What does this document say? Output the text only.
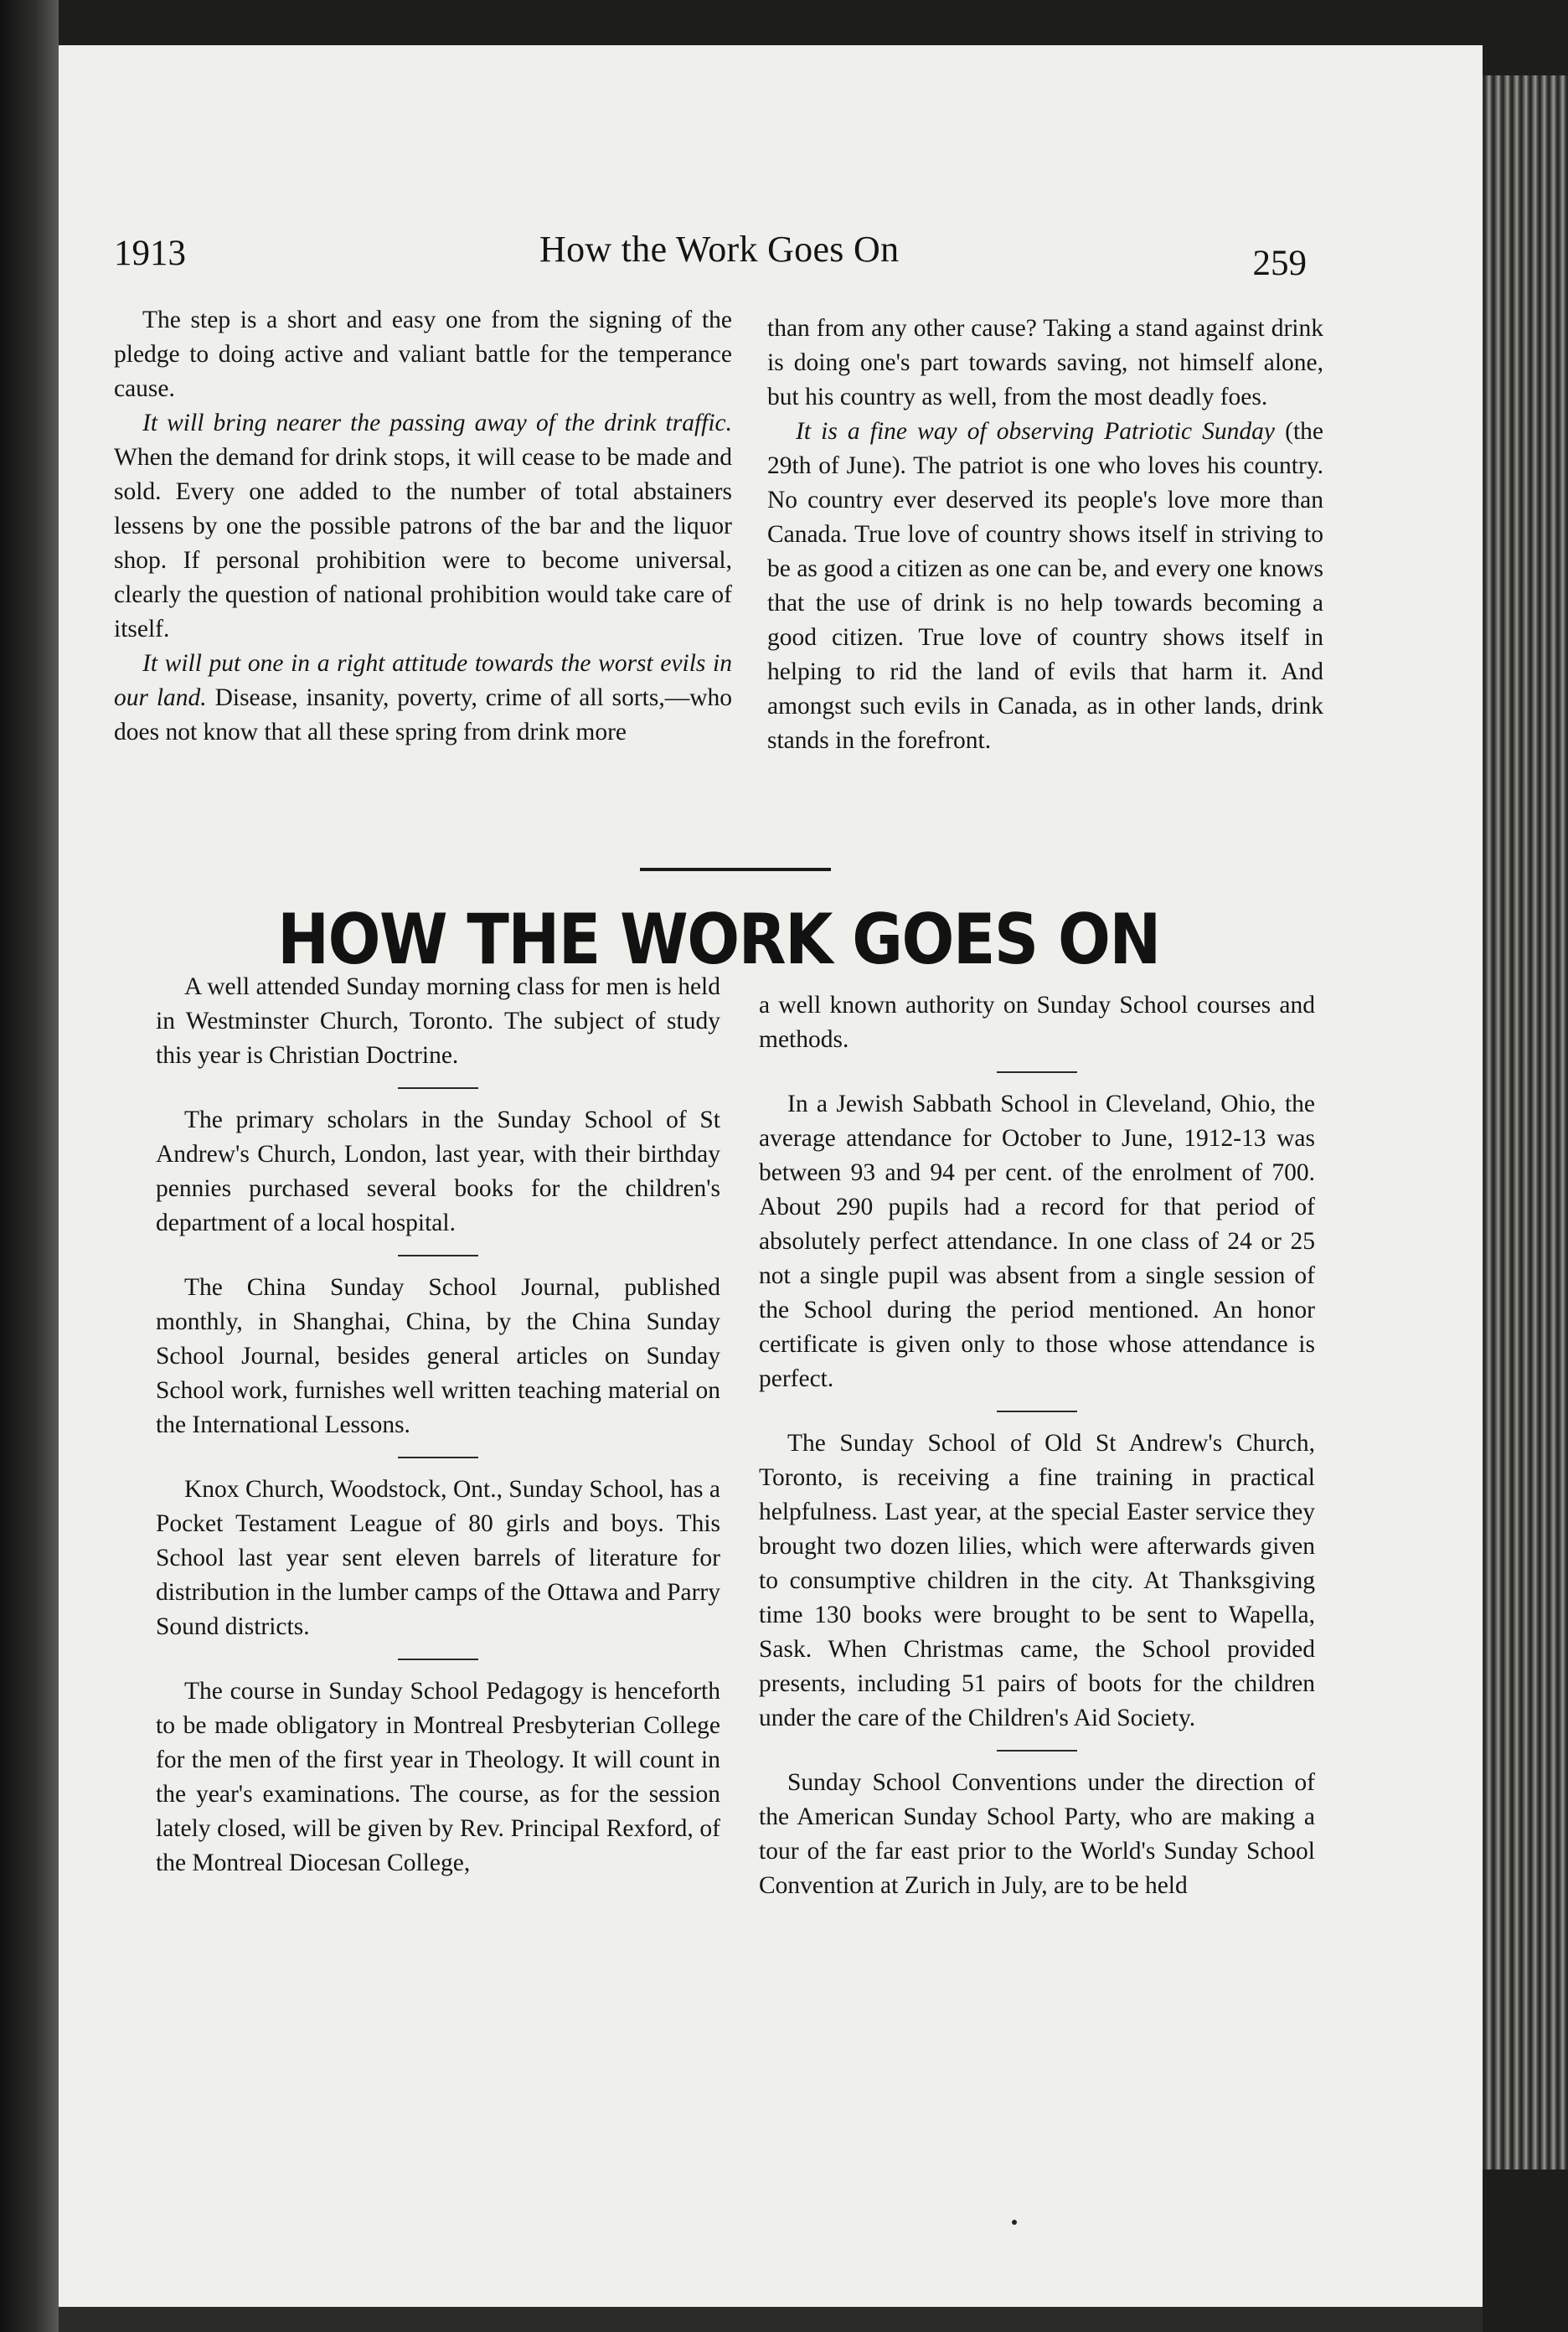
1913	How the Work Goes On	259

The step is a short and easy one from the signing of the pledge to doing active and valiant battle for the temperance cause.

It will bring nearer the passing away of the drink traffic. When the demand for drink stops, it will cease to be made and sold. Every one added to the number of total abstainers lessens by one the possible patrons of the bar and the liquor shop. If personal prohibition were to become universal, clearly the question of national prohibition would take care of itself.

It will put one in a right attitude towards the worst evils in our land. Disease, insanity, poverty, crime of all sorts,—who does not know that all these spring from drink more

than from any other cause? Taking a stand against drink is doing one's part towards saving, not himself alone, but his country as well, from the most deadly foes.

It is a fine way of observing Patriotic Sunday (the 29th of June). The patriot is one who loves his country. No country ever deserved its people's love more than Canada. True love of country shows itself in striving to be as good a citizen as one can be, and every one knows that the use of drink is no help towards becoming a good citizen. True love of country shows itself in helping to rid the land of evils that harm it. And amongst such evils in Canada, as in other lands, drink stands in the forefront.

HOW THE WORK GOES ON

A well attended Sunday morning class for men is held in Westminster Church, Toronto. The subject of study this year is Christian Doctrine.

The primary scholars in the Sunday School of St Andrew's Church, London, last year, with their birthday pennies purchased several books for the children's department of a local hospital.

The China Sunday School Journal, published monthly, in Shanghai, China, by the China Sunday School Journal, besides general articles on Sunday School work, furnishes well written teaching material on the International Lessons.

Knox Church, Woodstock, Ont., Sunday School, has a Pocket Testament League of 80 girls and boys. This School last year sent eleven barrels of literature for distribution in the lumber camps of the Ottawa and Parry Sound districts.

The course in Sunday School Pedagogy is henceforth to be made obligatory in Montreal Presbyterian College for the men of the first year in Theology. It will count in the year's examinations. The course, as for the session lately closed, will be given by Rev. Principal Rexford, of the Montreal Diocesan College,

a well known authority on Sunday School courses and methods.

In a Jewish Sabbath School in Cleveland, Ohio, the average attendance for October to June, 1912-13 was between 93 and 94 per cent. of the enrolment of 700. About 290 pupils had a record for that period of absolutely perfect attendance. In one class of 24 or 25 not a single pupil was absent from a single session of the School during the period mentioned. An honor certificate is given only to those whose attendance is perfect.

The Sunday School of Old St Andrew's Church, Toronto, is receiving a fine training in practical helpfulness. Last year, at the special Easter service they brought two dozen lilies, which were afterwards given to consumptive children in the city. At Thanksgiving time 130 books were brought to be sent to Wapella, Sask. When Christmas came, the School provided presents, including 51 pairs of boots for the children under the care of the Children's Aid Society.

Sunday School Conventions under the direction of the American Sunday School Party, who are making a tour of the far east prior to the World's Sunday School Convention at Zurich in July, are to be held
